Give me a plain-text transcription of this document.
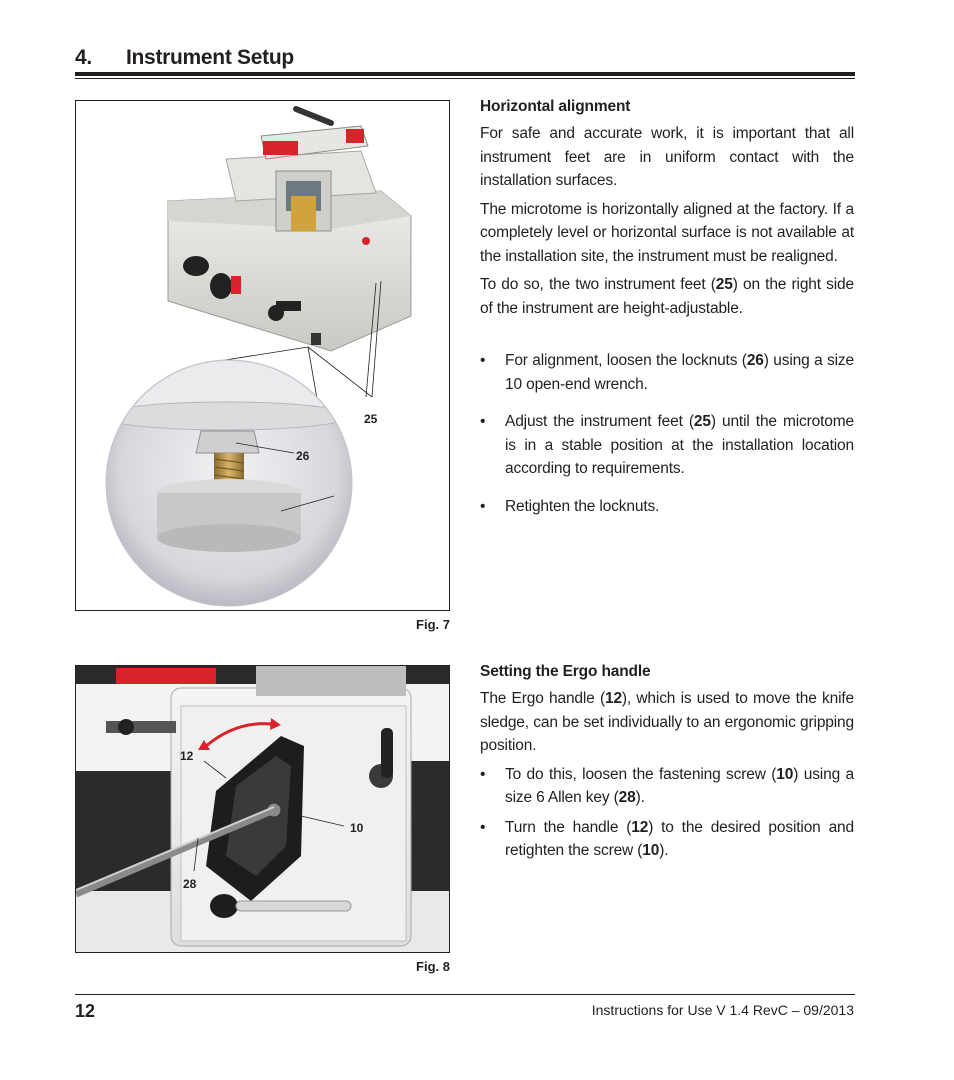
4. Instrument Setup
25
26
Fig. 7
12
10
28
Fig. 8
Horizontal alignment

For safe and accurate work, it is important that all instrument feet are in uniform contact with the installation surfaces.

The microtome is horizontally aligned at the factory. If a completely level or horizontal surface is not available at the installation site, the instrument must be realigned.

To do so, the two instrument feet (25) on the right side of the instrument are height-adjustable.

• For alignment, loosen the locknuts (26) using a size 10 open-end wrench.
• Adjust the instrument feet (25) until the microtome is in a stable position at the installation location according to requirements.
• Retighten the locknuts.
Setting the Ergo handle

The Ergo handle (12), which is used to move the knife sledge, can be set individually to an ergonomic gripping position.

• To do this, loosen the fastening screw (10) using a size 6 Allen key (28).
• Turn the handle (12) to the desired position and retighten the screw (10).
12	Instructions for Use V 1.4 RevC – 09/2013
